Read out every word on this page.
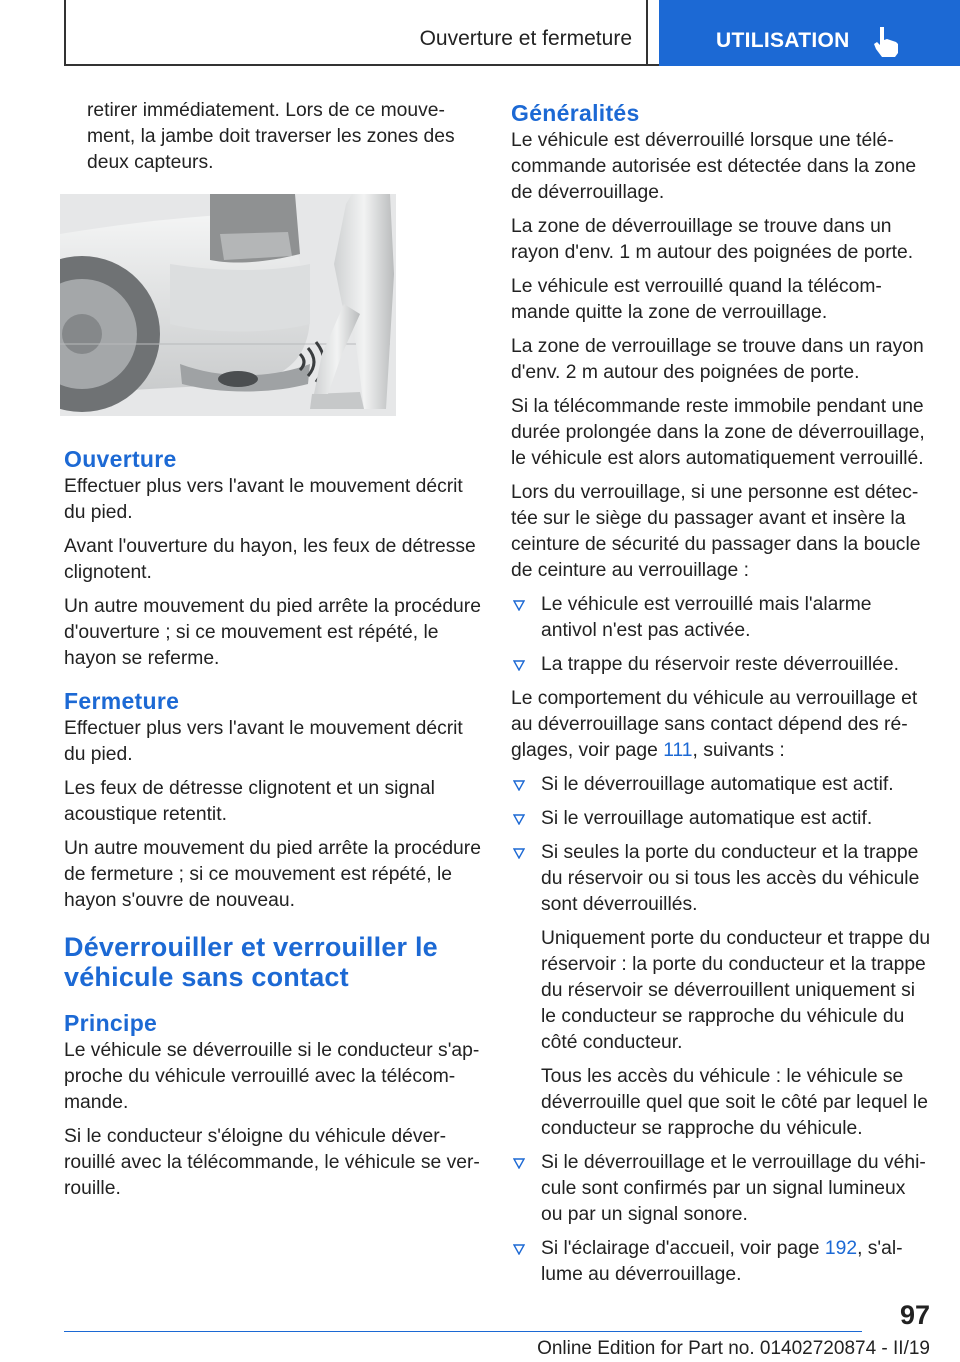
Ouverture et fermeture	UTILISATION

retirer immédiatement. Lors de ce mouvement, la jambe doit traverser les zones des deux capteurs.

Ouverture

Effectuer plus vers l'avant le mouvement décrit du pied.

Avant l'ouverture du hayon, les feux de détresse clignotent.

Un autre mouvement du pied arrête la procédure d'ouverture ; si ce mouvement est répété, le hayon se referme.

Fermeture

Effectuer plus vers l'avant le mouvement décrit du pied.

Les feux de détresse clignotent et un signal acoustique retentit.

Un autre mouvement du pied arrête la procédure de fermeture ; si ce mouvement est répété, le hayon s'ouvre de nouveau.

Déverrouiller et verrouiller le véhicule sans contact
Principe

Le véhicule se déverrouille si le conducteur s'approche du véhicule verrouillé avec la télécommande.

Si le conducteur s'éloigne du véhicule déverrouillé avec la télécommande, le véhicule se verrouille.

Généralités

Le véhicule est déverrouillé lorsque une télécommande autorisée est détectée dans la zone de déverrouillage.

La zone de déverrouillage se trouve dans un rayon d'env. 1 m autour des poignées de porte.

Le véhicule est verrouillé quand la télécommande quitte la zone de verrouillage.

La zone de verrouillage se trouve dans un rayon d'env. 2 m autour des poignées de porte.

Si la télécommande reste immobile pendant une durée prolongée dans la zone de déverrouillage, le véhicule est alors automatiquement verrouillé.

Lors du verrouillage, si une personne est détectée sur le siège du passager avant et insère la ceinture de sécurité du passager dans la boucle de ceinture au verrouillage :

Le véhicule est verrouillé mais l'alarme antivol n'est pas activée.
La trappe du réservoir reste déverrouillée.

Le comportement du véhicule au verrouillage et au déverrouillage sans contact dépend des réglages, voir page 111, suivants :

Si le déverrouillage automatique est actif.
Si le verrouillage automatique est actif.
Si seules la porte du conducteur et la trappe du réservoir ou si tous les accès du véhicule sont déverrouillés.

Uniquement porte du conducteur et trappe du réservoir : la porte du conducteur et la trappe du réservoir se déverrouillent uniquement si le conducteur se rapproche du véhicule du côté conducteur.

Tous les accès du véhicule : le véhicule se déverrouille quel que soit le côté par lequel le conducteur se rapproche du véhicule.

Si le déverrouillage et le verrouillage du véhicule sont confirmés par un signal lumineux ou par un signal sonore.
Si l'éclairage d'accueil, voir page 192, s'allume au déverrouillage.
97
Online Edition for Part no. 01402720874 - II/19
